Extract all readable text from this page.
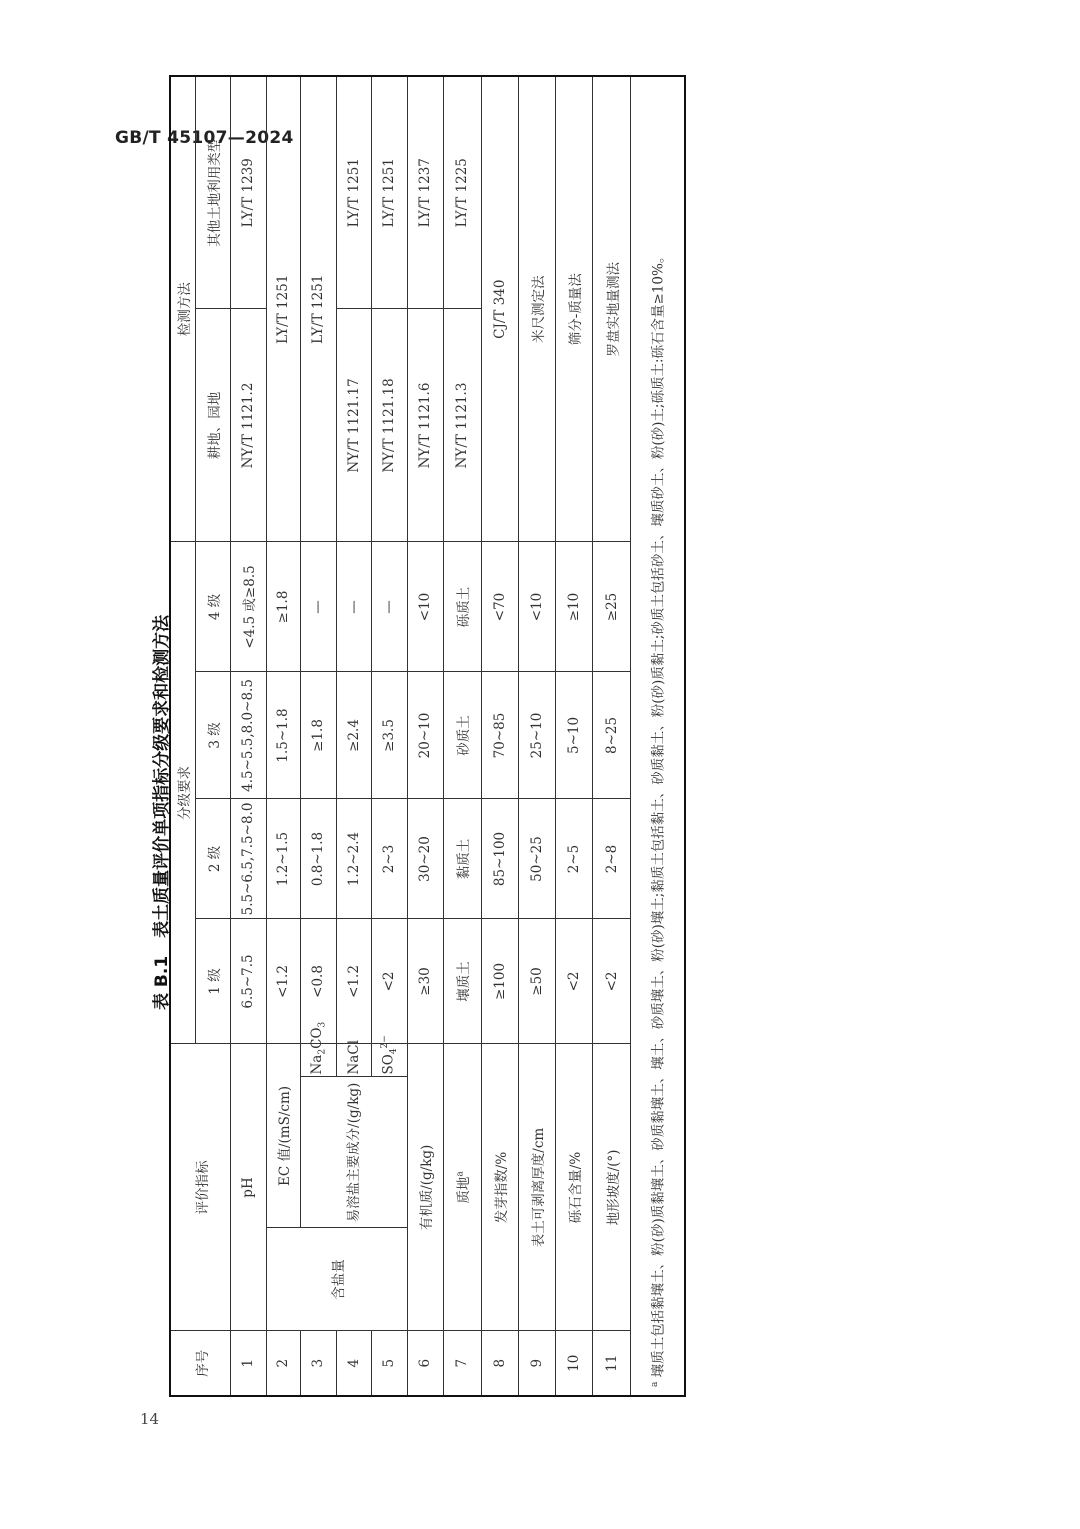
GB/T 45107—2024
表 B.1表土质量评价单项指标分级要求和检测方法
序号	评价指标			分级要求				检测方法	
				1 级	2 级	3 级	4 级	耕地、园地	其他土地利用类型
1	pH			6.5~7.5	5.5~6.5,7.5~8.0	4.5~5.5,8.0~8.5	<4.5 或≥8.5	NY/T 1121.2	LY/T 1239
2	含盐量	EC 值/(mS/cm)		<1.2	1.2~1.5	1.5~1.8	≥1.8	LY/T 1251	
3		易溶盐主要成分/(g/kg)	$Na_2CO_3$	<0.8	0.8~1.8	≥1.8	—	LY/T 1251	
4			NaCl	<1.2	1.2~2.4	≥2.4	—	NY/T 1121.17	LY/T 1251
5			$SO_4^{2-}$	<2	2~3	≥3.5	—	NY/T 1121.18	LY/T 1251
6	有机质/(g/kg)			≥30	30~20	20~10	<10	NY/T 1121.6	LY/T 1237
7	质地$^a$			壤质土	黏质土	砂质土	砾质土	NY/T 1121.3	LY/T 1225
8	发芽指数/%			≥100	85~100	70~85	<70	CJ/T 340	
9	表土可剥离厚度/cm			≥50	50~25	25~10	<10	米尺测定法	
10	砾石含量/%			<2	2~5	5~10	≥10	筛分-质量法	
11	地形坡度/(°)			<2	2~8	8~25	≥25	罗盘实地量测法	
$^a$ 壤质土包括黏壤土、粉(砂)质黏壤土、砂质黏壤土、壤土、砂质壤土、粉(砂)壤土;黏质土包括黏土、砂质黏土、粉(砂)质黏土;砂质土包括砂土、壤质砂土、粉(砂)土;砾质土:砾石含量≥10%。									
14
